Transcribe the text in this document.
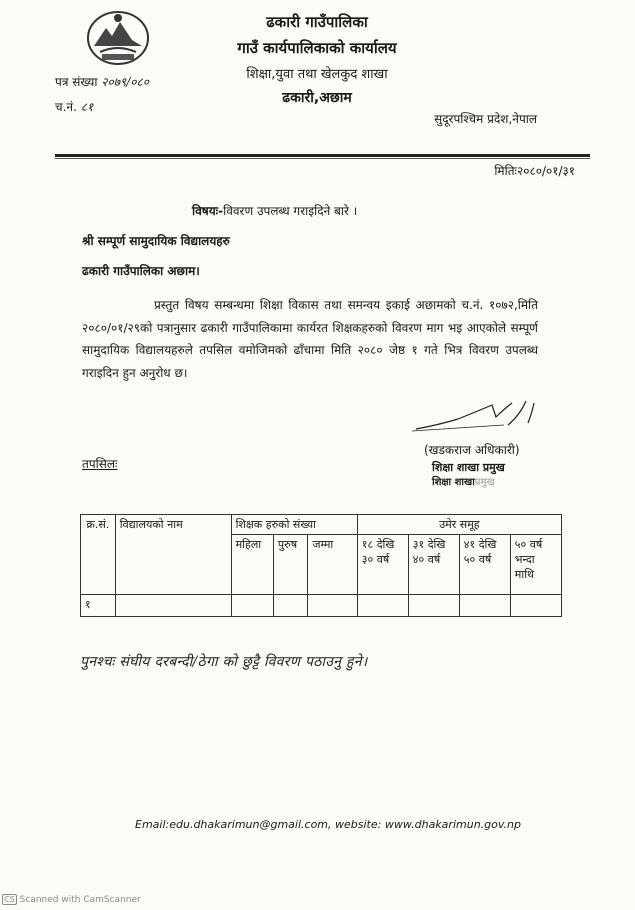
ढकारी गाउँपालिका
गाउँ कार्यपालिकाको कार्यालय
शिक्षा,युवा तथा खेलकुद शाखा
ढकारी,अछाम
पत्र संख्या २०७९/०८०
च.नं. ८१
सुदूरपश्चिम प्रदेश,नेपाल
मितिः२०८०/०१/३१
विषयः-विवरण उपलब्ध गराइदिने बारे ।
श्री सम्पूर्ण सामुदायिक विद्यालयहरु
ढकारी गाउँपालिका अछाम।
प्रस्तुत विषय सम्बन्धमा शिक्षा विकास तथा समन्वय इकाई अछामको च.नं. १०७२,मिति २०८०/०१/२९को पत्रानुसार ढकारी गाउँपालिकामा कार्यरत शिक्षकहरुको विवरण माग भइ आएकोले सम्पूर्ण सामुदायिक विद्यालयहरुले तपसिल वमोजिमको ढाँचामा मिति २०८० जेष्ठ १ गते भित्र विवरण उपलब्ध गराइदिन हुन अनुरोध छ।
(खडकराज अधिकारी)
शिक्षा शाखा प्रमुख
शिक्षा शाखाप्रमुख
तपसिलः
क्र.सं.	विद्यालयको नाम	शिक्षक हरुको संख्या			उमेर समूह			
		महिला	पुरुष	जम्मा	१८ देखि ३० वर्ष	३१ देखि ४० वर्ष	४१ देखि ५० वर्ष	५० वर्ष भन्दा माथि
१								
पुनश्चः संघीय दरबन्दी/ठेगा को छुट्टै विवरण पठाउनु हुने।
Email:edu.dhakarimun@gmail.com, website: www.dhakarimun.gov.np
CS Scanned with CamScanner
